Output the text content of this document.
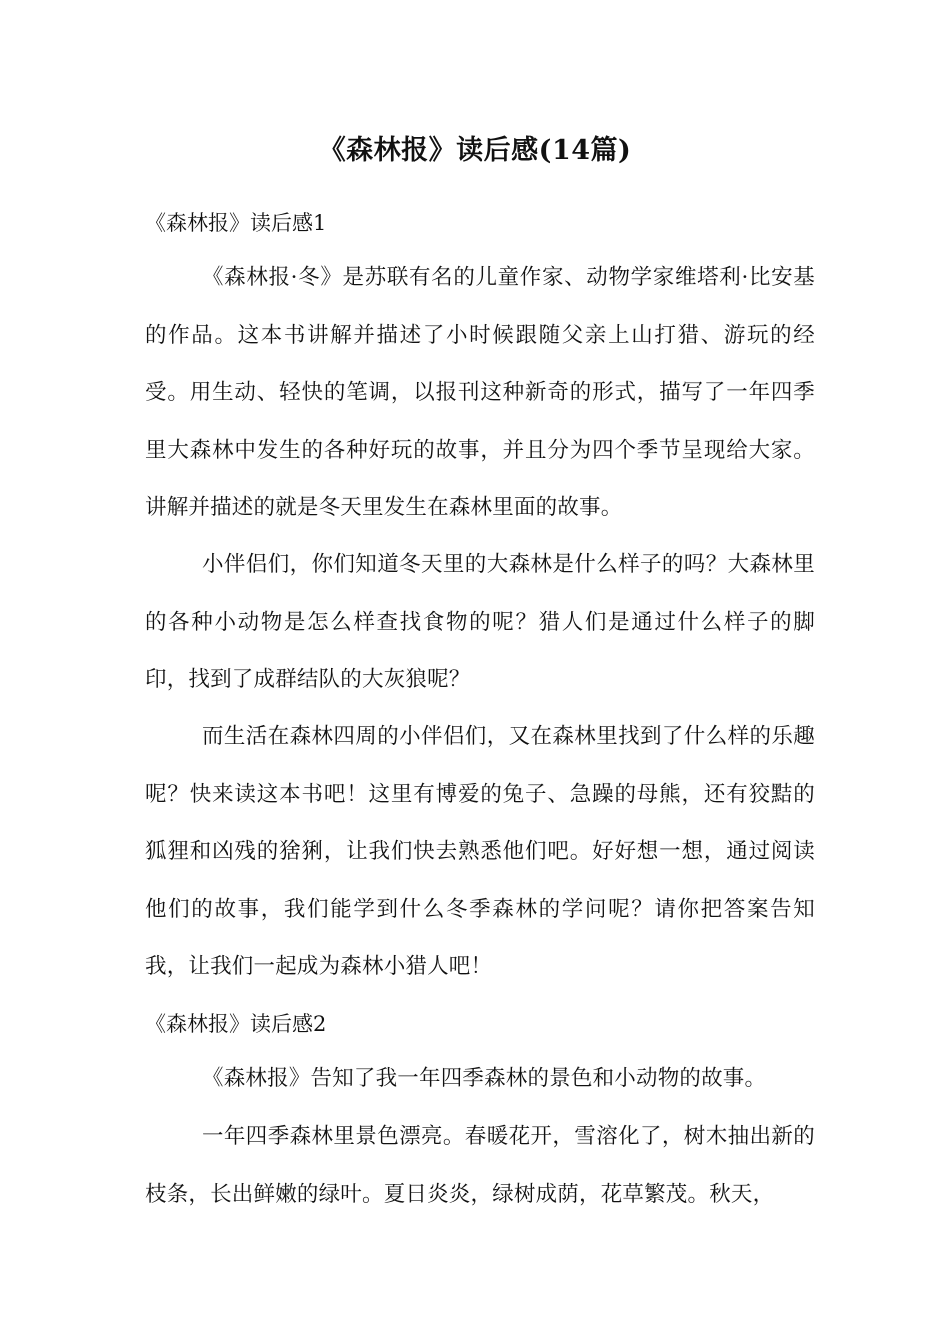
《森林报》读后感(14篇)
《森林报》读后感1

《森林报·冬》是苏联有名的儿童作家、动物学家维塔利·比安基的作品。这本书讲解并描述了小时候跟随父亲上山打猎、游玩的经受。用生动、轻快的笔调，以报刊这种新奇的形式，描写了一年四季里大森林中发生的各种好玩的故事，并且分为四个季节呈现给大家。讲解并描述的就是冬天里发生在森林里面的故事。

小伴侣们，你们知道冬天里的大森林是什么样子的吗？大森林里的各种小动物是怎么样查找食物的呢？猎人们是通过什么样子的脚印，找到了成群结队的大灰狼呢？

而生活在森林四周的小伴侣们，又在森林里找到了什么样的乐趣呢？快来读这本书吧！这里有博爱的兔子、急躁的母熊，还有狡黠的狐狸和凶残的猞猁，让我们快去熟悉他们吧。好好想一想，通过阅读他们的故事，我们能学到什么冬季森林的学问呢？请你把答案告知我，让我们一起成为森林小猎人吧！

《森林报》读后感2

《森林报》告知了我一年四季森林的景色和小动物的故事。

一年四季森林里景色漂亮。春暖花开，雪溶化了，树木抽出新的枝条，长出鲜嫩的绿叶。夏日炎炎，绿树成荫，花草繁茂。秋天，
